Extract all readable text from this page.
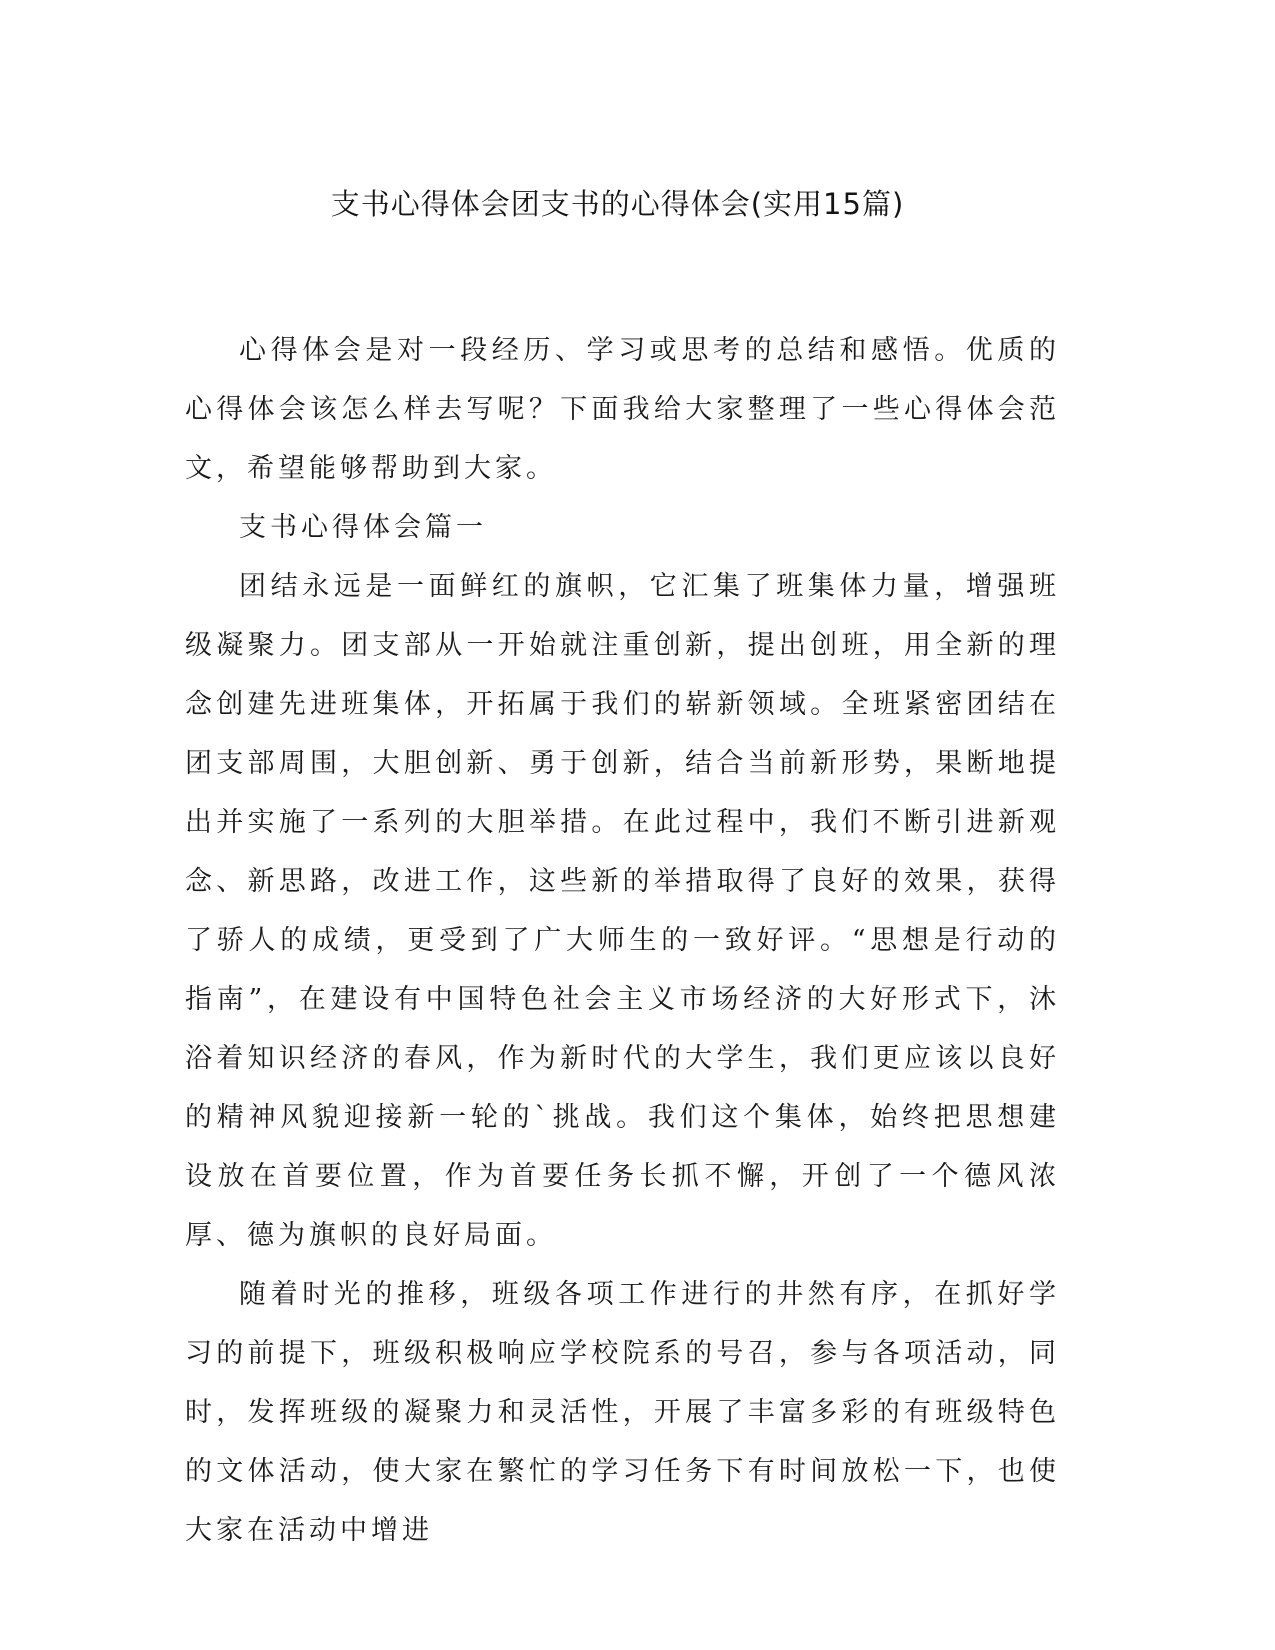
支书心得体会团支书的心得体会(实用15篇)

心得体会是对一段经历、学习或思考的总结和感悟。优质的心得体会该怎么样去写呢？下面我给大家整理了一些心得体会范文，希望能够帮助到大家。

支书心得体会篇一

团结永远是一面鲜红的旗帜，它汇集了班集体力量，增强班级凝聚力。团支部从一开始就注重创新，提出创班，用全新的理念创建先进班集体，开拓属于我们的崭新领域。全班紧密团结在团支部周围，大胆创新、勇于创新，结合当前新形势，果断地提出并实施了一系列的大胆举措。在此过程中，我们不断引进新观念、新思路，改进工作，这些新的举措取得了良好的效果，获得了骄人的成绩，更受到了广大师生的一致好评。“思想是行动的指南”，在建设有中国特色社会主义市场经济的大好形式下，沐浴着知识经济的春风，作为新时代的大学生，我们更应该以良好的精神风貌迎接新一轮的`挑战。我们这个集体，始终把思想建设放在首要位置，作为首要任务长抓不懈，开创了一个德风浓厚、德为旗帜的良好局面。

随着时光的推移，班级各项工作进行的井然有序，在抓好学习的前提下，班级积极响应学校院系的号召，参与各项活动，同时，发挥班级的凝聚力和灵活性，开展了丰富多彩的有班级特色的文体活动，使大家在繁忙的学习任务下有时间放松一下，也使大家在活动中增进
